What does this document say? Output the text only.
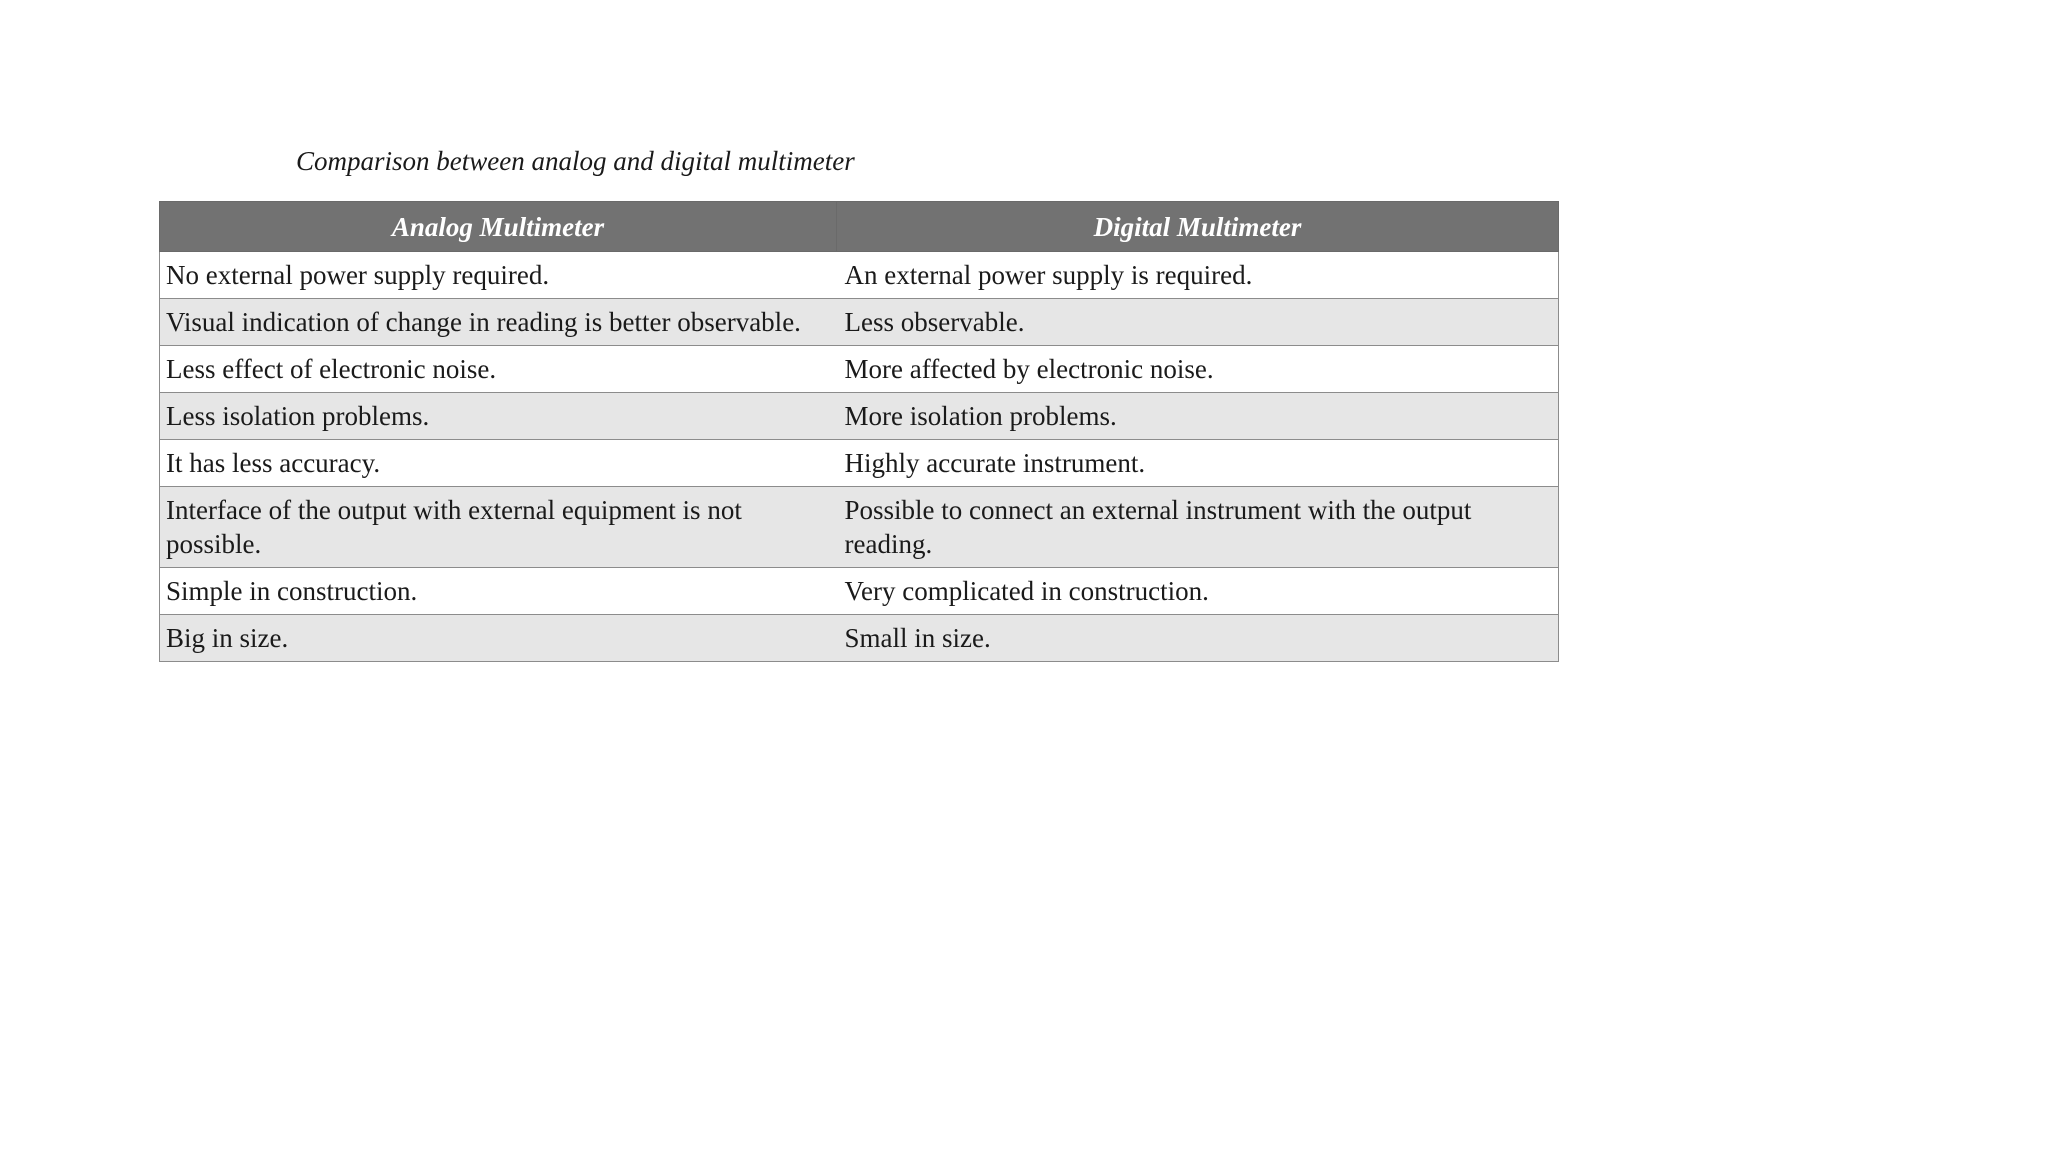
Comparison between analog and digital multimeter
Analog Multimeter	Digital Multimeter
No external power supply required.	An external power supply is required.
Visual indication of change in reading is better observable.	Less observable.
Less effect of electronic noise.	More affected by electronic noise.
Less isolation problems.	More isolation problems.
It has less accuracy.	Highly accurate instrument.
Interface of the output with external equipment is not possible.	Possible to connect an external instrument with the output reading.
Simple in construction.	Very complicated in construction.
Big in size.	Small in size.
